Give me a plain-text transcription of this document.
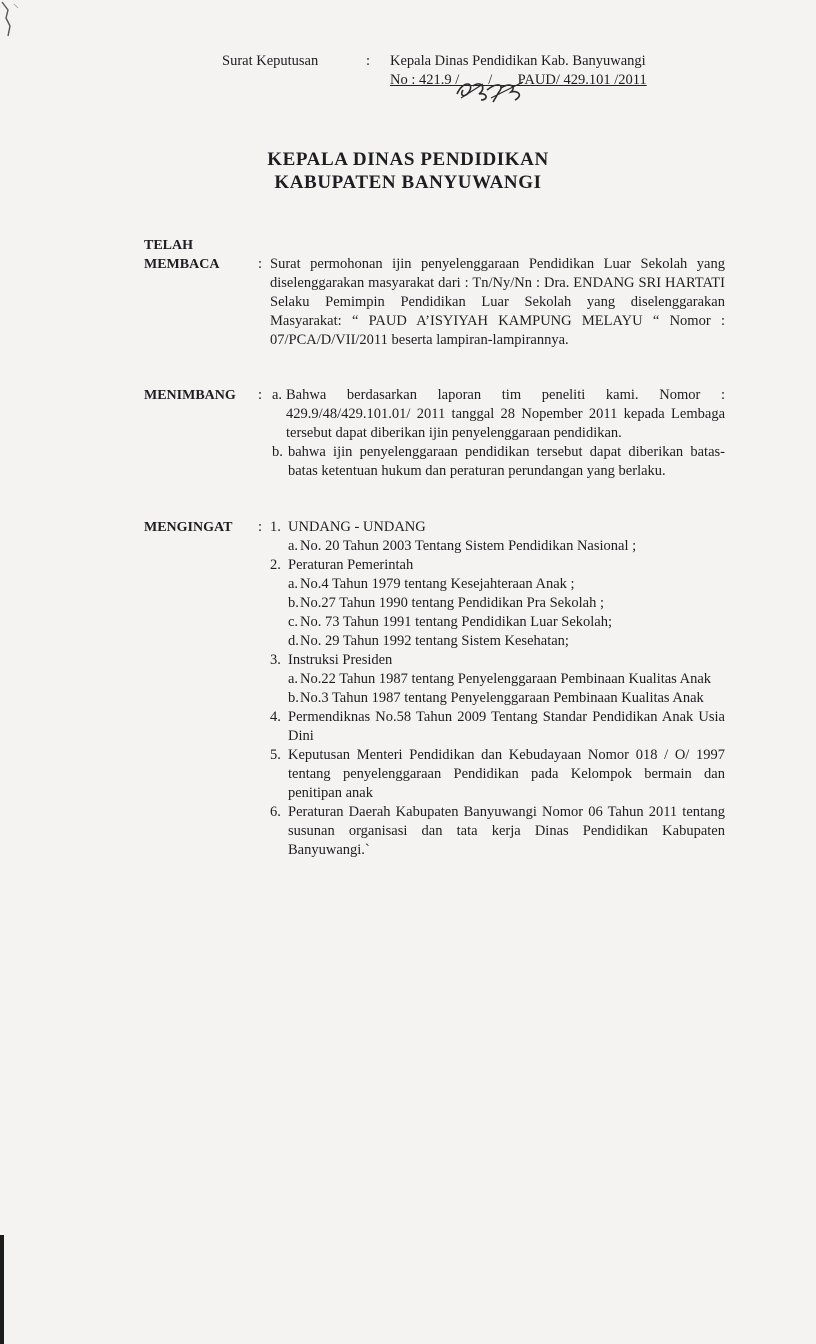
Surat Keputusan	:	Kepala Dinas Pendidikan Kab. Banyuwangi
No : 421.9 /        /       PAUD/ 429.101 /2011
KEPALA DINAS PENDIDIKAN
KABUPATEN BANYUWANGI
TELAH
MEMBACA	: Surat permohonan ijin penyelenggaraan Pendidikan Luar Sekolah yang diselenggarakan masyarakat dari : Tn/Ny/Nn : Dra. ENDANG SRI HARTATI Selaku Pemimpin Pendidikan Luar Sekolah yang diselenggarakan Masyarakat: “ PAUD A’ISYIYAH KAMPUNG MELAYU “ Nomor : 07/PCA/D/VII/2011 beserta lampiran-lampirannya.
MENIMBANG : a. Bahwa berdasarkan laporan tim peneliti kami. Nomor : 429.9/48/429.101.01/ 2011 tanggal 28 Nopember 2011 kepada Lembaga tersebut dapat diberikan ijin penyelenggaraan pendidikan.
b. bahwa ijin penyelenggaraan pendidikan tersebut dapat diberikan batas-batas ketentuan hukum dan peraturan perundangan yang berlaku.
MENGINGAT : 1. UNDANG - UNDANG
a. No. 20 Tahun 2003 Tentang Sistem Pendidikan Nasional ;
2. Peraturan Pemerintah
a. No.4 Tahun 1979 tentang Kesejahteraan Anak ;
b. No.27 Tahun 1990 tentang Pendidikan Pra Sekolah ;
c. No. 73 Tahun 1991 tentang Pendidikan Luar Sekolah;
d. No. 29 Tahun 1992 tentang Sistem Kesehatan;
3. Instruksi Presiden
a. No.22 Tahun 1987 tentang Penyelenggaraan Pembinaan Kualitas Anak
b. No.3 Tahun 1987 tentang Penyelenggaraan Pembinaan Kualitas Anak
4. Permendiknas No.58 Tahun 2009 Tentang Standar Pendidikan Anak Usia Dini
5. Keputusan Menteri Pendidikan dan Kebudayaan Nomor 018 / O/ 1997 tentang penyelenggaraan Pendidikan pada Kelompok bermain dan penitipan anak
6. Peraturan Daerah Kabupaten Banyuwangi Nomor 06 Tahun 2011 tentang susunan organisasi dan tata kerja Dinas Pendidikan Kabupaten Banyuwangi.`
